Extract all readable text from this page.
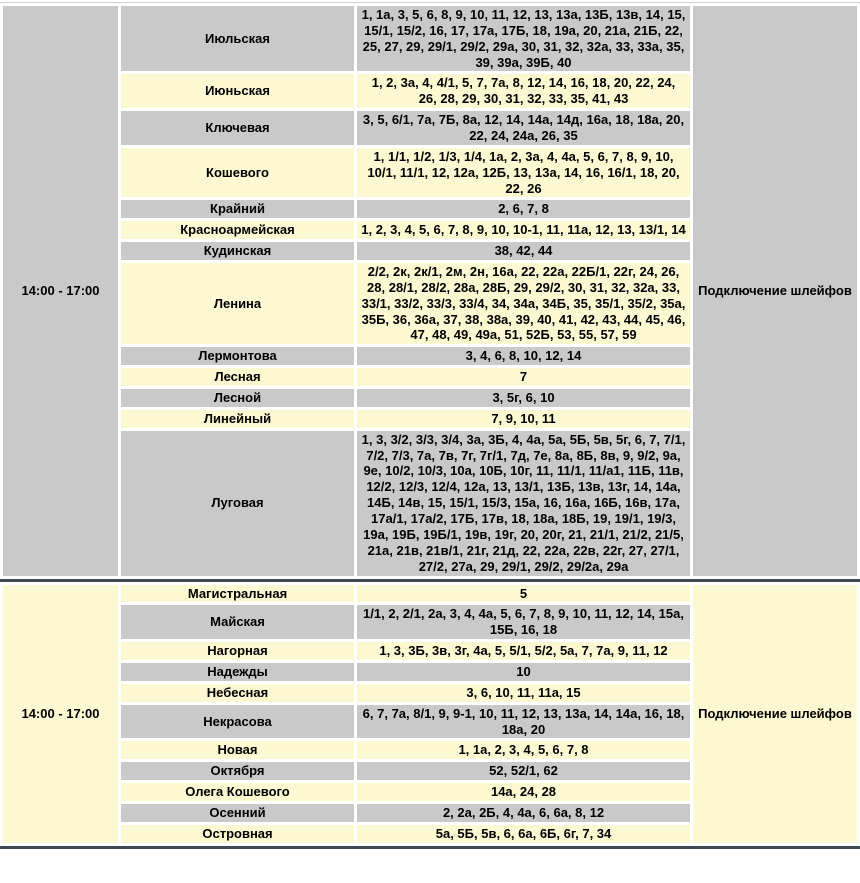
14:00 - 17:00	Июльская	1, 1а, 3, 5, 6, 8, 9, 10, 11, 12, 13, 13а, 13Б, 13в, 14, 15, 15/1, 15/2, 16, 17, 17а, 17Б, 18, 19а, 20, 21а, 21Б, 22, 25, 27, 29, 29/1, 29/2, 29а, 30, 31, 32, 32а, 33, 33а, 35, 39, 39а, 39Б, 40	Подключение шлейфов
	Июньская	1, 2, 3а, 4, 4/1, 5, 7, 7а, 8, 12, 14, 16, 18, 20, 22, 24, 26, 28, 29, 30, 31, 32, 33, 35, 41, 43	
	Ключевая	3, 5, 6/1, 7а, 7Б, 8а, 12, 14, 14а, 14д, 16а, 18, 18а, 20, 22, 24, 24а, 26, 35	
	Кошевого	1, 1/1, 1/2, 1/3, 1/4, 1а, 2, 3а, 4, 4а, 5, 6, 7, 8, 9, 10, 10/1, 11/1, 12, 12а, 12Б, 13, 13а, 14, 16, 16/1, 18, 20, 22, 26	
	Крайний	2, 6, 7, 8	
	Красноармейская	1, 2, 3, 4, 5, 6, 7, 8, 9, 10, 10-1, 11, 11а, 12, 13, 13/1, 14	
	Кудинская	38, 42, 44	
	Ленина	2/2, 2к, 2к/1, 2м, 2н, 16а, 22, 22а, 22Б/1, 22г, 24, 26, 28, 28/1, 28/2, 28а, 28Б, 29, 29/2, 30, 31, 32, 32а, 33, 33/1, 33/2, 33/3, 33/4, 34, 34а, 34Б, 35, 35/1, 35/2, 35а, 35Б, 36, 36а, 37, 38, 38а, 39, 40, 41, 42, 43, 44, 45, 46, 47, 48, 49, 49а, 51, 52Б, 53, 55, 57, 59	
	Лермонтова	3, 4, 6, 8, 10, 12, 14	
	Лесная	7	
	Лесной	3, 5г, 6, 10	
	Линейный	7, 9, 10, 11	
	Луговая	1, 3, 3/2, 3/3, 3/4, 3а, 3Б, 4, 4а, 5а, 5Б, 5в, 5г, 6, 7, 7/1, 7/2, 7/3, 7а, 7в, 7г, 7г/1, 7д, 7е, 8а, 8Б, 8в, 9, 9/2, 9а, 9е, 10/2, 10/3, 10а, 10Б, 10г, 11, 11/1, 11/а1, 11Б, 11в, 12/2, 12/3, 12/4, 12а, 13, 13/1, 13Б, 13в, 13г, 14, 14а, 14Б, 14в, 15, 15/1, 15/3, 15а, 16, 16а, 16Б, 16в, 17а, 17а/1, 17а/2, 17Б, 17в, 18, 18а, 18Б, 19, 19/1, 19/3, 19а, 19Б, 19Б/1, 19в, 19г, 20, 20г, 21, 21/1, 21/2, 21/5, 21а, 21в, 21в/1, 21г, 21д, 22, 22а, 22в, 22г, 27, 27/1, 27/2, 27а, 29, 29/1, 29/2, 29/2а, 29а	
14:00 - 17:00	Магистральная	5	Подключение шлейфов
	Майская	1/1, 2, 2/1, 2а, 3, 4, 4а, 5, 6, 7, 8, 9, 10, 11, 12, 14, 15а, 15Б, 16, 18	
	Нагорная	1, 3, 3Б, 3в, 3г, 4а, 5, 5/1, 5/2, 5а, 7, 7а, 9, 11, 12	
	Надежды	10	
	Небесная	3, 6, 10, 11, 11а, 15	
	Некрасова	6, 7, 7а, 8/1, 9, 9-1, 10, 11, 12, 13, 13а, 14, 14а, 16, 18, 18а, 20	
	Новая	1, 1а, 2, 3, 4, 5, 6, 7, 8	
	Октября	52, 52/1, 62	
	Олега Кошевого	14а, 24, 28	
	Осенний	2, 2а, 2Б, 4, 4а, 6, 6а, 8, 12	
	Островная	5а, 5Б, 5в, 6, 6а, 6Б, 6г, 7, 34	
